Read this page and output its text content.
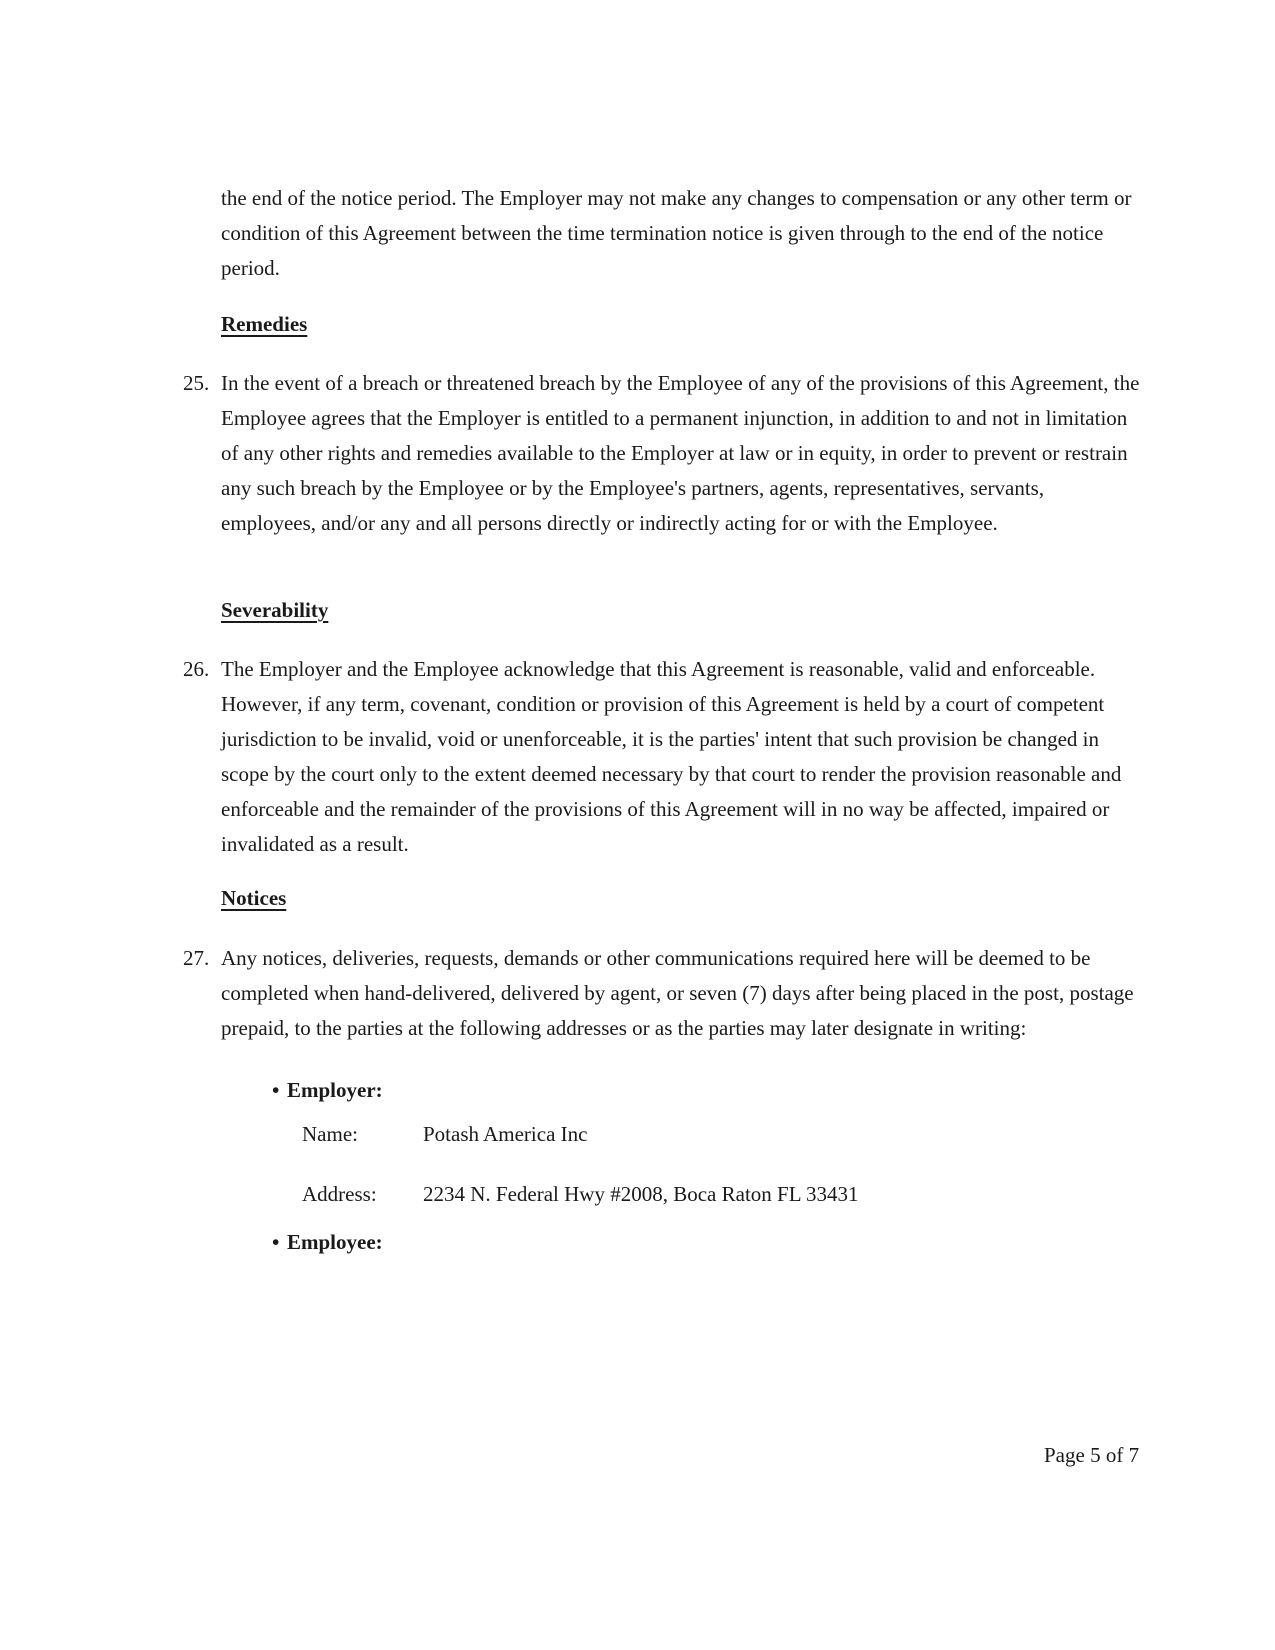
the end of the notice period. The Employer may not make any changes to compensation or any other term or condition of this Agreement between the time termination notice is given through to the end of the notice period.
Remedies
25. In the event of a breach or threatened breach by the Employee of any of the provisions of this Agreement, the Employee agrees that the Employer is entitled to a permanent injunction, in addition to and not in limitation of any other rights and remedies available to the Employer at law or in equity, in order to prevent or restrain any such breach by the Employee or by the Employee's partners, agents, representatives, servants, employees, and/or any and all persons directly or indirectly acting for or with the Employee.
Severability
26. The Employer and the Employee acknowledge that this Agreement is reasonable, valid and enforceable. However, if any term, covenant, condition or provision of this Agreement is held by a court of competent jurisdiction to be invalid, void or unenforceable, it is the parties' intent that such provision be changed in scope by the court only to the extent deemed necessary by that court to render the provision reasonable and enforceable and the remainder of the provisions of this Agreement will in no way be affected, impaired or invalidated as a result.
Notices
27. Any notices, deliveries, requests, demands or other communications required here will be deemed to be completed when hand-delivered, delivered by agent, or seven (7) days after being placed in the post, postage prepaid, to the parties at the following addresses or as the parties may later designate in writing:
• Employer:
Name:	Potash America Inc
Address: 2234 N. Federal Hwy #2008, Boca Raton FL 33431
• Employee:
Page 5 of 7
